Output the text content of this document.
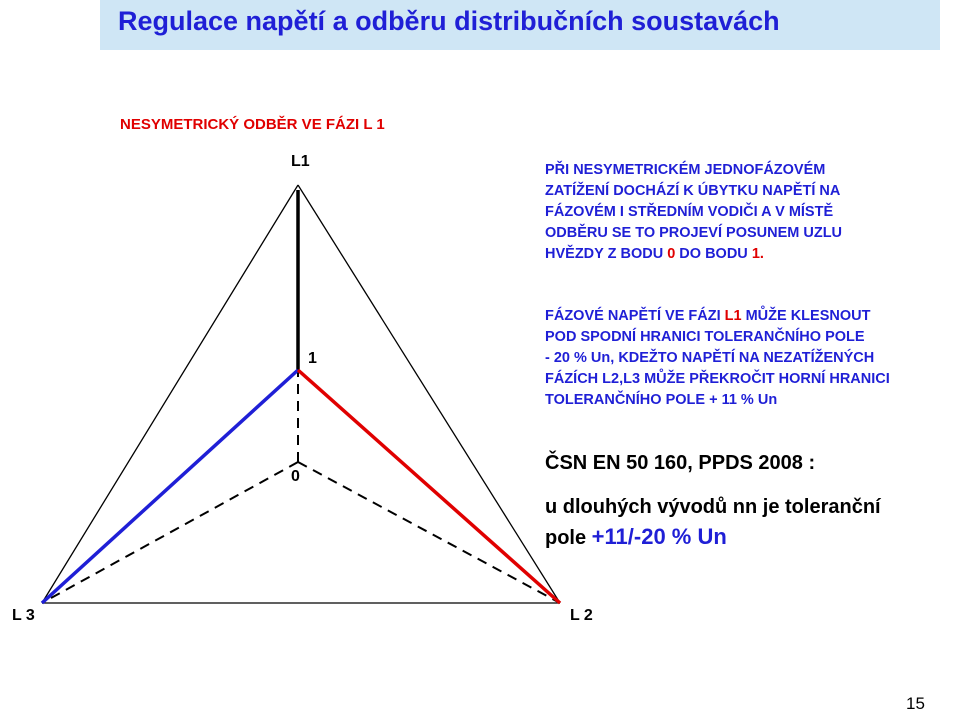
Regulace napětí a odběru distribučních soustavách
NESYMETRICKÝ ODBĚR VE FÁZI L 1
L1
1
0
L 3	L 2
PŘI NESYMETRICKÉM JEDNOFÁZOVÉM
ZATÍŽENÍ DOCHÁZÍ K ÚBYTKU NAPĚTÍ NA
FÁZOVÉM I STŘEDNÍM VODIČI A V MÍSTĚ
ODBĚRU SE TO PROJEVÍ POSUNEM UZLU
HVĚZDY Z BODU 0 DO BODU 1.
FÁZOVÉ NAPĚTÍ VE FÁZI L1 MŮŽE KLESNOUT
POD SPODNÍ HRANICI TOLERANČNÍHO POLE
- 20 % Un, KDEŽTO NAPĚTÍ NA NEZATÍŽENÝCH
FÁZÍCH L2,L3 MŮŽE PŘEKROČIT HORNÍ HRANICI
TOLERANČNÍHO POLE + 11 % Un
ČSN EN 50 160, PPDS 2008 :
u dlouhých vývodů nn je toleranční
pole +11/-20 % Un
15
